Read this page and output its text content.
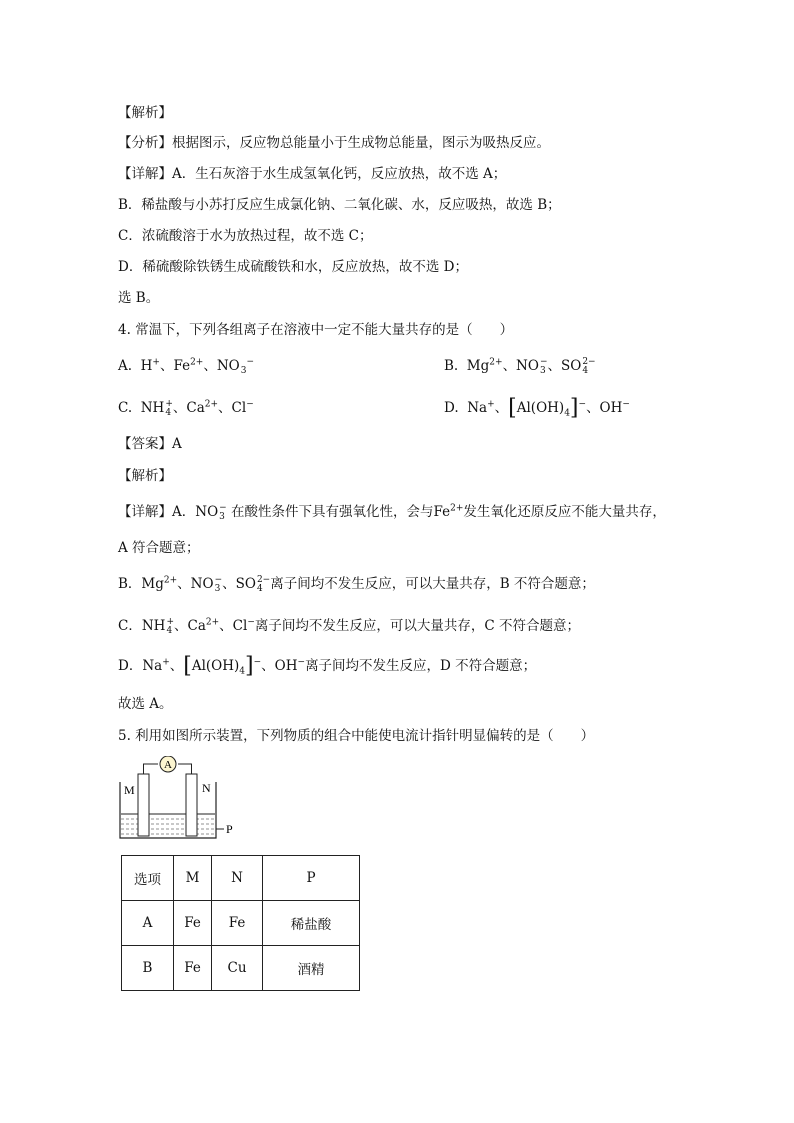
【解析】
【分析】根据图示，反应物总能量小于生成物总能量，图示为吸热反应。
【详解】A．生石灰溶于水生成氢氧化钙，反应放热，故不选 A；
B．稀盐酸与小苏打反应生成氯化钠、二氧化碳、水，反应吸热，故选 B；
C．浓硫酸溶于水为放热过程，故不选 C；
D．稀硫酸除铁锈生成硫酸铁和水，反应放热，故不选 D；
选 B。
4. 常温下，下列各组离子在溶液中一定不能大量共存的是（　　）
A.  H+、$Fe^{2+}$、NO
3
−	B.  $Mg^{2+}$、NO −
3 、SO 2−
4
C.  NH +
4 、$Ca^{2+}$、Cl−	D.  Na+、$[Al(OH)_4]^-$、OH−
【答案】A
【解析】
【详解】A．NO −
3 在酸性条件下具有强氧化性，会与$Fe^{2+}$发生氧化还原反应不能大量共存，
A 符合题意；
B．$Mg^{2+}$、NO −
3 、SO 2−
4 离子间均不发生反应，可以大量共存，B 不符合题意；
C．NH +
4 、$Ca^{2+}$、Cl−离子间均不发生反应，可以大量共存，C 不符合题意；
D．Na+、$[Al(OH)_4]^-$、OH−离子间均不发生反应，D 不符合题意；
故选 A。
5. 利用如图所示装置，下列物质的组合中能使电流计指针明显偏转的是（　　）
A
M	N
P
选项	M	N	P
A	Fe	Fe	稀盐酸
B	Fe	Cu	酒精
